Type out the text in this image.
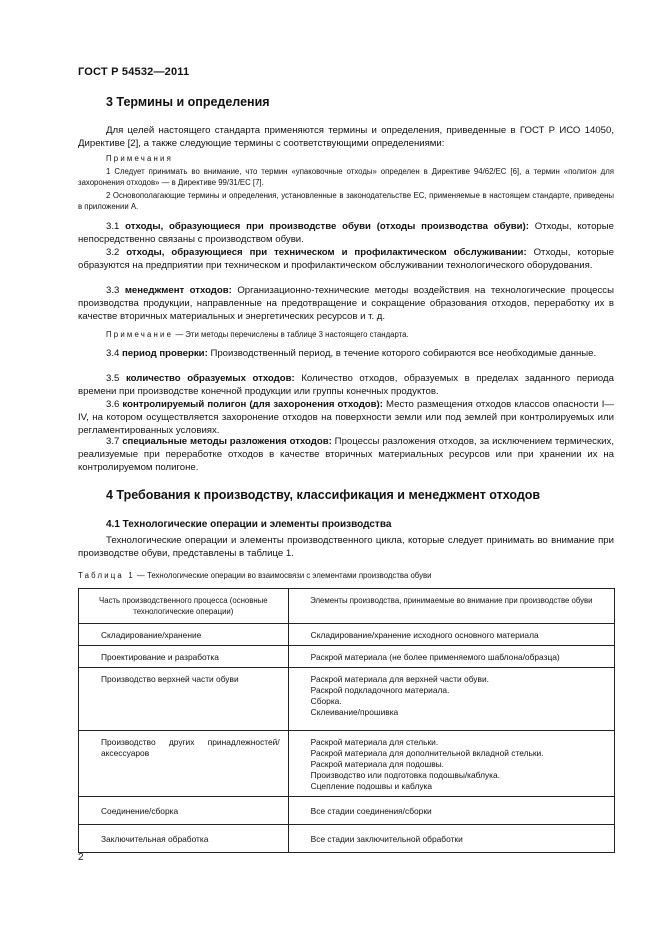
ГОСТ Р 54532—2011
3 Термины и определения

Для целей настоящего стандарта применяются термины и определения, приведенные в ГОСТ Р ИСО 14050, Директиве [2], а также следующие термины с соответствующими определениями:

Примечания

1 Следует принимать во внимание, что термин «упаковочные отходы» определен в Директиве 94/62/ЕС [6], а термин «полигон для захоронения отходов» — в Директиве 99/31/ЕС [7].

2 Основополагающие термины и определения, установленные в законодательстве ЕС, применяемые в настоящем стандарте, приведены в приложении А.

3.1 отходы, образующиеся при производстве обуви (отходы производства обуви): Отходы, которые непосредственно связаны с производством обуви.

3.2 отходы, образующиеся при техническом и профилактическом обслуживании: Отходы, которые образуются на предприятии при техническом и профилактическом обслуживании технологического оборудования.

3.3 менеджмент отходов: Организационно-технические методы воздействия на технологические процессы производства продукции, направленные на предотвращение и сокращение образования отходов, переработку их в качестве вторичных материальных и энергетических ресурсов и т. д.

Примечание — Эти методы перечислены в таблице 3 настоящего стандарта.

3.4 период проверки: Производственный период, в течение которого собираются все необходимые данные.

3.5 количество образуемых отходов: Количество отходов, образуемых в пределах заданного периода времени при производстве конечной продукции или группы конечных продуктов.

3.6 контролируемый полигон (для захоронения отходов): Место размещения отходов классов опасности I—IV, на котором осуществляется захоронение отходов на поверхности земли или под землей при контролируемых или регламентированных условиях.

3.7 специальные методы разложения отходов: Процессы разложения отходов, за исключением термических, реализуемые при переработке отходов в качестве вторичных материальных ресурсов или при хранении их на контролируемом полигоне.

4 Требования к производству, классификация и менеджмент отходов
4.1 Технологические операции и элементы производства

Технологические операции и элементы производственного цикла, которые следует принимать во внимание при производстве обуви, представлены в таблице 1.

Таблица 1 — Технологические операции во взаимосвязи с элементами производства обуви
Часть производственного процесса (основные технологические операции)	Элементы производства, принимаемые во внимание при производстве обуви
Складирование/хранение	Складирование/хранение исходного основного материала

Проектирование и разработка	Раскрой материала (не более применяемого шаблона/образца)

Производство верхней части обуви	Раскрой материала для верхней части обуви.
Раскрой подкладочного материала.
Сборка.
Склеивание/прошивка

Производство других принадлежностей/аксессуаров	Раскрой материала для стельки.
Раскрой материала для дополнительной вкладной стельки.
Раскрой материала для подошвы.
Производство или подготовка подошвы/каблука.
Сцепление подошвы и каблука

Соединение/сборка	Все стадии соединения/сборки

Заключительная обработка	Все стадии заключительной обработки
2
